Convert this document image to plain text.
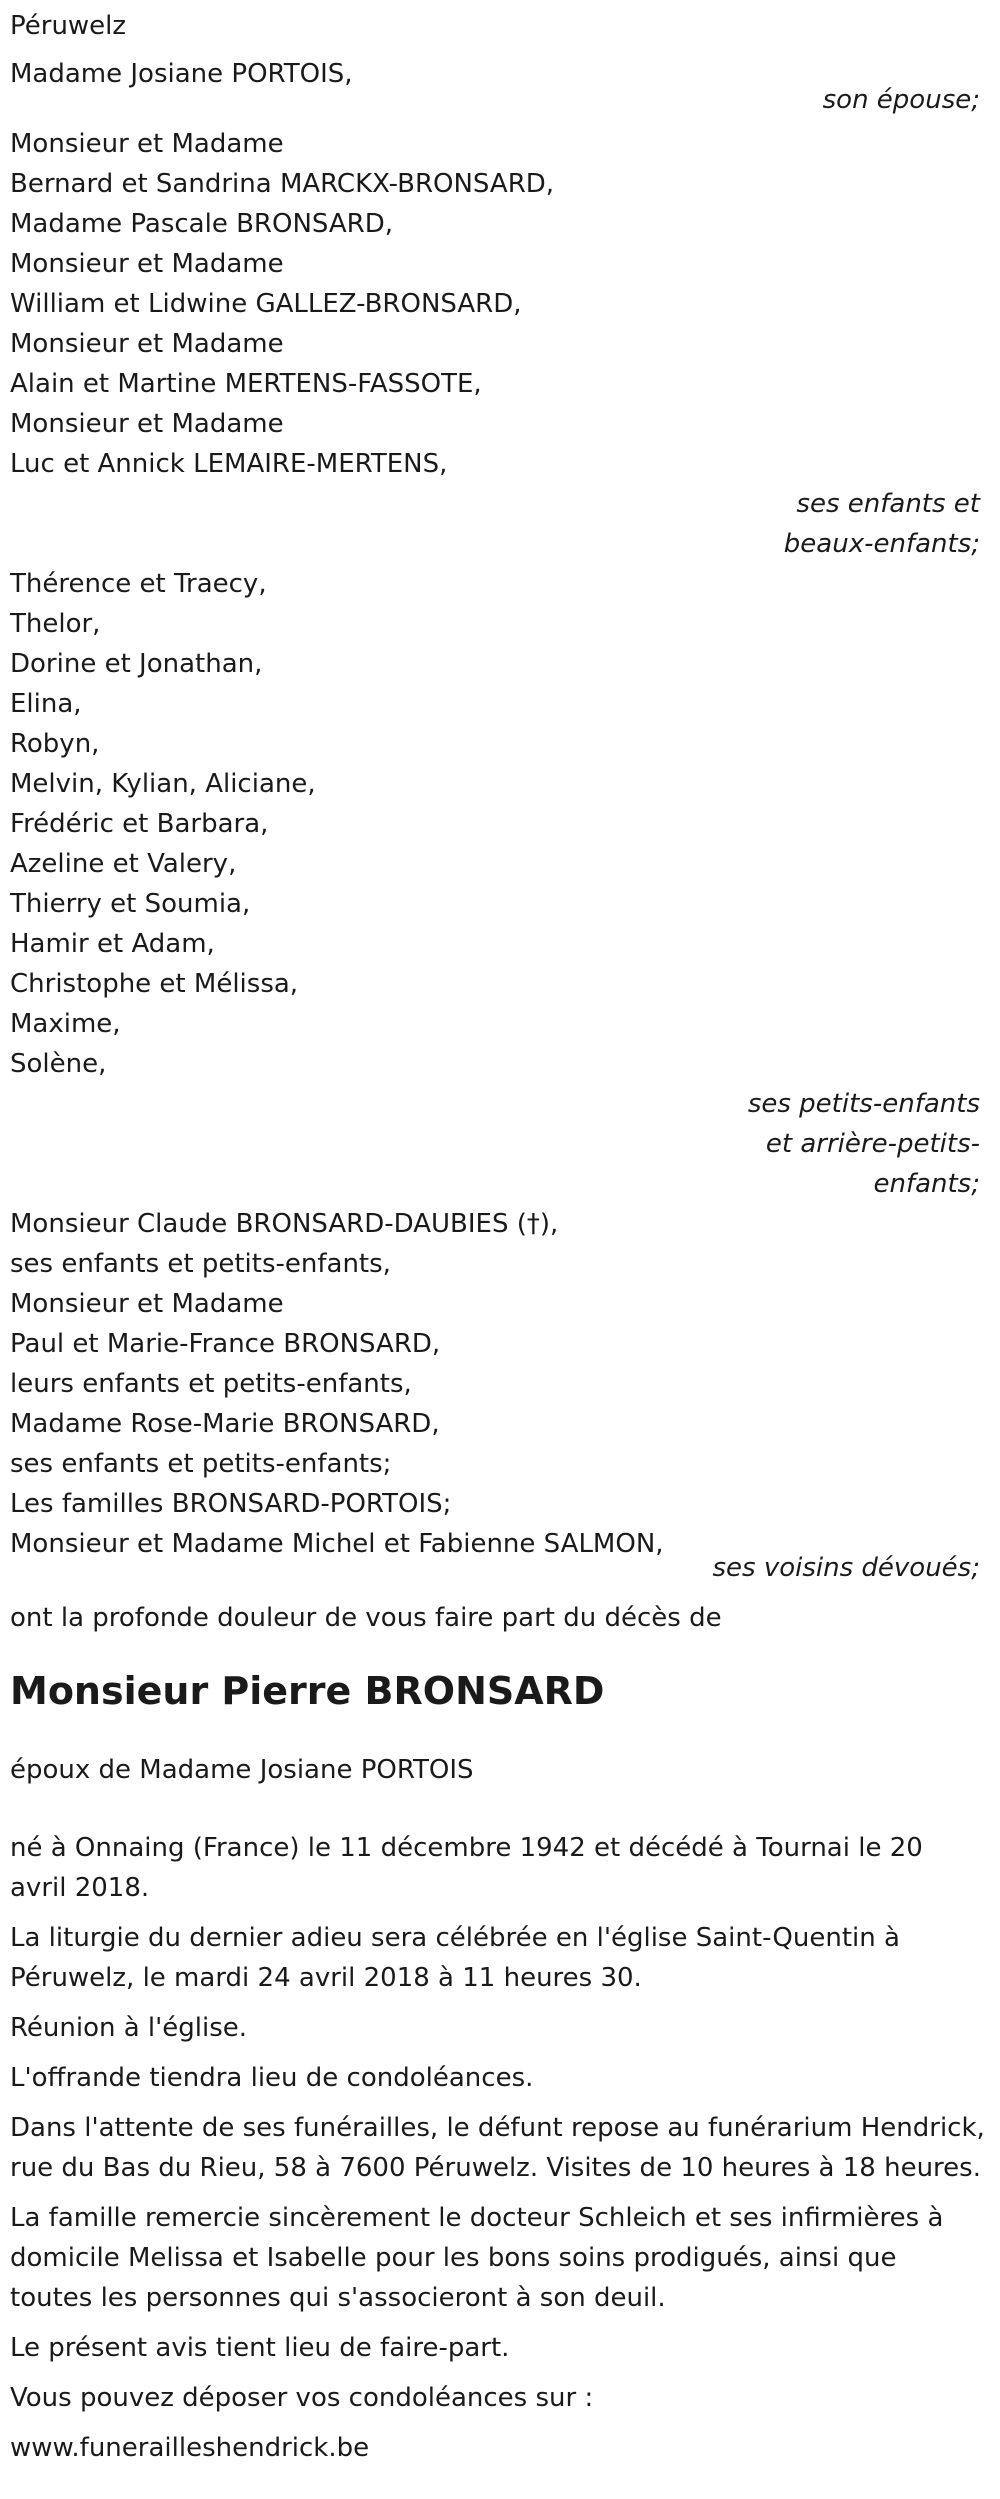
Péruwelz
Madame Josiane PORTOIS,
son épouse;
Monsieur et Madame
Bernard et Sandrina MARCKX-BRONSARD,
Madame Pascale BRONSARD,
Monsieur et Madame
William et Lidwine GALLEZ-BRONSARD,
Monsieur et Madame
Alain et Martine MERTENS-FASSOTE,
Monsieur et Madame
Luc et Annick LEMAIRE-MERTENS,
ses enfants et
beaux-enfants;
Thérence et Traecy,
Thelor,
Dorine et Jonathan,
Elina,
Robyn,
Melvin, Kylian, Aliciane,
Frédéric et Barbara,
Azeline et Valery,
Thierry et Soumia,
Hamir et Adam,
Christophe et Mélissa,
Maxime,
Solène,
ses petits-enfants
et arrière-petits-
enfants;
Monsieur Claude BRONSARD-DAUBIES (†),
ses enfants et petits-enfants,
Monsieur et Madame
Paul et Marie-France BRONSARD,
leurs enfants et petits-enfants,
Madame Rose-Marie BRONSARD,
ses enfants et petits-enfants;
Les familles BRONSARD-PORTOIS;
Monsieur et Madame Michel et Fabienne SALMON,
ses voisins dévoués;
ont la profonde douleur de vous faire part du décès de
Monsieur Pierre BRONSARD
époux de Madame Josiane PORTOIS

né à Onnaing (France) le 11 décembre 1942 et décédé à Tournai le 20 avril 2018.

La liturgie du dernier adieu sera célébrée en l'église Saint-Quentin à Péruwelz, le mardi 24 avril 2018 à 11 heures 30.

Réunion à l'église.

L'offrande tiendra lieu de condoléances.

Dans l'attente de ses funérailles, le défunt repose au funérarium Hendrick, rue du Bas du Rieu, 58 à 7600 Péruwelz. Visites de 10 heures à 18 heures.

La famille remercie sincèrement le docteur Schleich et ses infirmières à domicile Melissa et Isabelle pour les bons soins prodigués, ainsi que toutes les personnes qui s'associeront à son deuil.

Le présent avis tient lieu de faire-part.

Vous pouvez déposer vos condoléances sur :

www.funerailleshendrick.be
